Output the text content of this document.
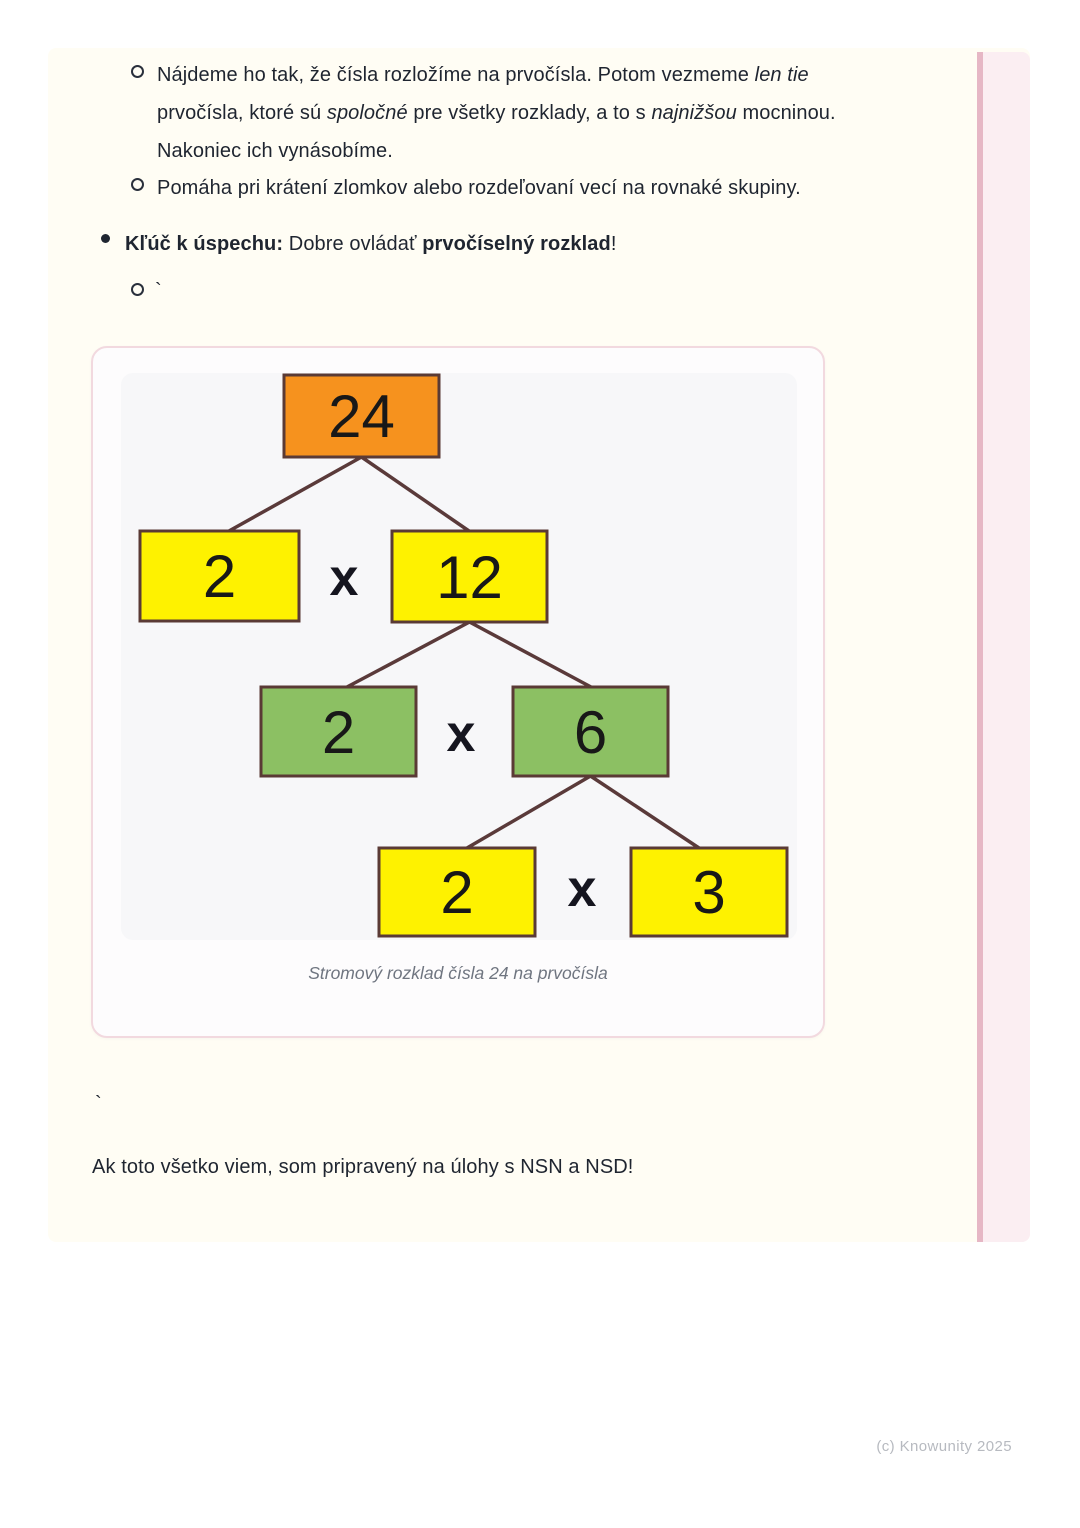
Nájdeme ho tak, že čísla rozložíme na prvočísla. Potom vezmeme len tie prvočísla, ktoré sú spoločné pre všetky rozklady, a to s najnižšou mocninou. Nakoniec ich vynásobíme.
Pomáha pri krátení zlomkov alebo rozdeľovaní vecí na rovnaké skupiny.
Kľúč k úspechu: Dobre ovládať prvočíselný rozklad!
`
24
2 x 12
2 x 6
2 x 3
Stromový rozklad čísla 24 na prvočísla
`
Ak toto všetko viem, som pripravený na úlohy s NSN a NSD!
(c) Knowunity 2025
